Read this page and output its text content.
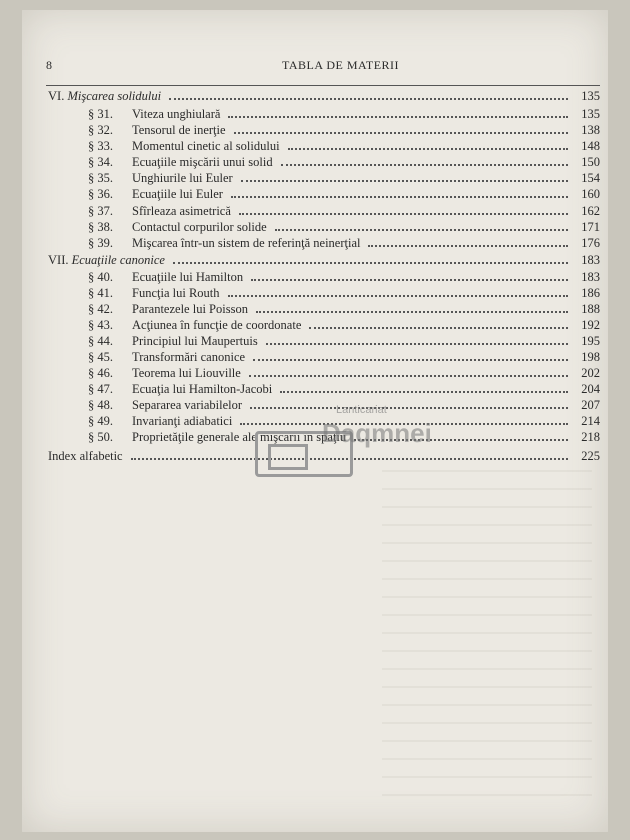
8	TABLA DE MATERII
VI. Mişcarea solidului	135
§ 31. Viteza unghiulară	135
§ 32. Tensorul de inerţie	138
§ 33. Momentul cinetic al solidului	148
§ 34. Ecuaţiile mişcării unui solid	150
§ 35. Unghiurile lui Euler	154
§ 36. Ecuaţiile lui Euler	160
§ 37. Sfîrleaza asimetrică	162
§ 38. Contactul corpurilor solide	171
§ 39. Mişcarea într-un sistem de referinţă neinerţial	176
VII. Ecuaţiile canonice	183
§ 40. Ecuaţiile lui Hamilton	183
§ 41. Funcţia lui Routh	186
§ 42. Parantezele lui Poisson	188
§ 43. Acţiunea în funcţie de coordonate	192
§ 44. Principiul lui Maupertuis	195
§ 45. Transformări canonice	198
§ 46. Teorema lui Liouville	202
§ 47. Ecuaţia lui Hamilton-Jacobi	204
§ 48. Separarea variabilelor	207
§ 49. Invarianţi adiabatici	214
§ 50. Proprietăţile generale ale mişcării în spaţiu	218
Index alfabetic	225
Lanticariat
Daqmnei
